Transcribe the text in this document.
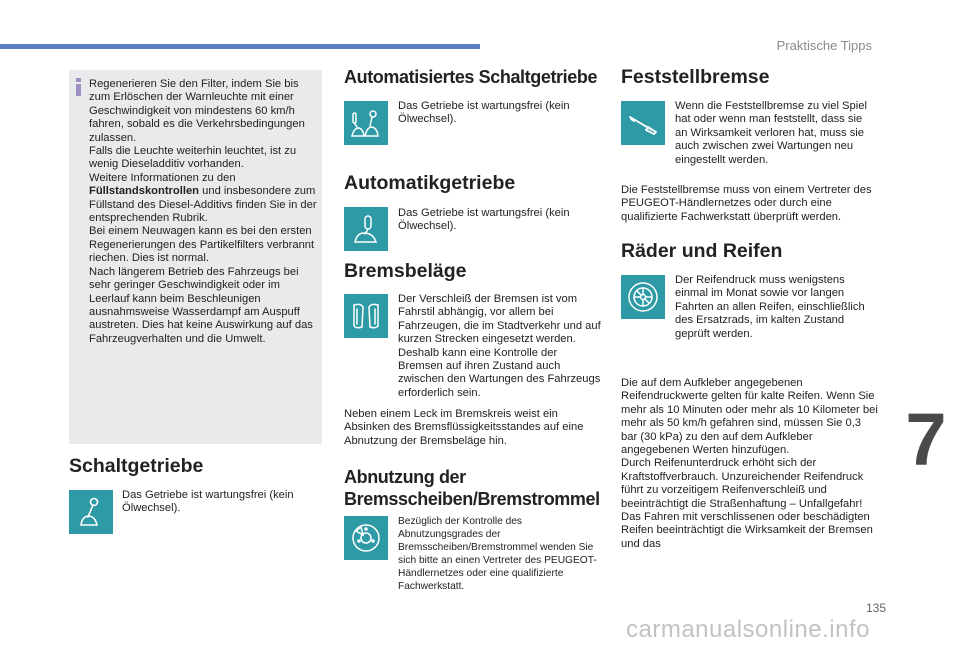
Praktische Tipps
7
135
carmanualsonline.info
Regenerieren Sie den Filter, indem Sie bis zum Erlöschen der Warnleuchte mit einer Geschwindigkeit von mindestens 60 km/h fahren, sobald es die Verkehrsbedingungen zulassen.
Falls die Leuchte weiterhin leuchtet, ist zu wenig Dieseladditiv vorhanden.
Weitere Informationen zu den
Füllstandskontrollen und insbesondere zum Füllstand des Diesel-Additivs finden Sie in der entsprechenden Rubrik.
Bei einem Neuwagen kann es bei den ersten Regenerierungen des Partikelfilters verbrannt riechen. Dies ist normal.
Nach längerem Betrieb des Fahrzeugs bei sehr geringer Geschwindigkeit oder im Leerlauf kann beim Beschleunigen ausnahmsweise Wasserdampf am Auspuff austreten. Dies hat keine Auswirkung auf das Fahrzeugverhalten und die Umwelt.
Schaltgetriebe
Das Getriebe ist wartungsfrei (kein Ölwechsel).
Automatisiertes Schaltgetriebe
Das Getriebe ist wartungsfrei (kein Ölwechsel).
Automatikgetriebe
Das Getriebe ist wartungsfrei (kein Ölwechsel).
Bremsbeläge
Der Verschleiß der Bremsen ist vom Fahrstil abhängig, vor allem bei Fahrzeugen, die im Stadtverkehr und auf kurzen Strecken eingesetzt werden. Deshalb kann eine Kontrolle der Bremsen auf ihren Zustand auch zwischen den Wartungen des Fahrzeugs erforderlich sein.
Neben einem Leck im Bremskreis weist ein Absinken des Bremsflüssigkeitsstandes auf eine Abnutzung der Bremsbeläge hin.
Abnutzung der
Bremsscheiben/Bremstrommel
Bezüglich der Kontrolle des Abnutzungsgrades der Bremsscheiben/Bremstrommel wenden Sie sich bitte an einen Vertreter des PEUGEOT-Händlernetzes oder eine qualifizierte Fachwerkstatt.
Feststellbremse
Wenn die Feststellbremse zu viel Spiel hat oder wenn man feststellt, dass sie an Wirksamkeit verloren hat, muss sie auch zwischen zwei Wartungen neu eingestellt werden.
Die Feststellbremse muss von einem Vertreter des PEUGEOT-Händlernetzes oder durch eine qualifizierte Fachwerkstatt überprüft werden.
Räder und Reifen
Der Reifendruck muss wenigstens einmal im Monat sowie vor langen Fahrten an allen Reifen, einschließlich des Ersatzrads, im kalten Zustand geprüft werden.
Die auf dem Aufkleber angegebenen Reifendruckwerte gelten für kalte Reifen. Wenn Sie mehr als 10 Minuten oder mehr als 10 Kilometer bei mehr als 50 km/h gefahren sind, müssen Sie 0,3 bar (30 kPa) zu den auf dem Aufkleber angegebenen Werten hinzufügen.
Durch Reifenunterdruck erhöht sich der Kraftstoffverbrauch. Unzureichender Reifendruck führt zu vorzeitigem Reifenverschleiß und beeinträchtigt die Straßenhaftung – Unfallgefahr!
Das Fahren mit verschlissenen oder beschädigten Reifen beeinträchtigt die Wirksamkeit der Bremsen und das
